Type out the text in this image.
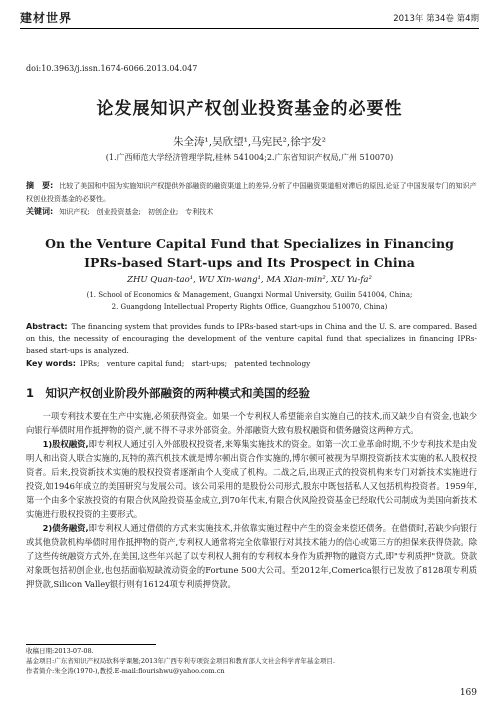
建材世界	2013年 第34卷 第4期
doi:10.3963/j.issn.1674-6066.2013.04.047
论发展知识产权创业投资基金的必要性
朱全涛¹,吴欣望¹,马宪民²,徐宇发²
(1.广西师范大学经济管理学院,桂林 541004;2.广东省知识产权局,广州 510070)
摘　要: 比较了美国和中国为实施知识产权提供外部融资的融资渠道上的差异,分析了中国融资渠道相对滞后的原因,论证了中国发展专门的知识产权创业投资基金的必要性。
关键词: 知识产权;　创业投资基金;　初创企业;　专利技术
On the Venture Capital Fund that Specializes in Financing
IPRs-based Start-ups and Its Prospect in China
ZHU Quan-tao¹, WU Xin-wang¹, MA Xian-min², XU Yu-fa²
(1. School of Economics & Management, Guangxi Normal University, Guilin 541004, China;
2. Guangdong Intellectual Property Rights Office, Guangzhou 510070, China)
Abstract: The financing system that provides funds to IPRs-based start-ups in China and the U. S. are compared. Based on this, the necessity of encouraging the development of the venture capital fund that specializes in financing IPRs-based start-ups is analyzed.
Key words: IPRs;　venture capital fund;　start-ups;　patented technology
1　知识产权创业阶段外部融资的两种模式和美国的经验

一项专利技术要在生产中实施,必须获得资金。如果一个专利权人希望能亲自实施自己的技术,而又缺少自有资金,也缺少向银行举债时用作抵押物的资产,就不得不寻求外部资金。外部融资大致有股权融资和债务融资这两种方式。

1)股权融资,即专利权人通过引入外部股权投资者,来筹集实施技术的资金。如第一次工业革命时期,不少专利技术是由发明人和出资人联合实施的,瓦特的蒸汽机技术就是博尔顿出资合作实施的,博尔顿可被视为早期投资新技术实施的私人股权投资者。后来,投资新技术实施的股权投资者逐渐由个人变成了机构。二战之后,出现正式的投资机构来专门对新技术实施进行投资,如1946年成立的美国研究与发展公司。该公司采用的是股份公司形式,股东中既包括私人又包括机构投资者。1959年,第一个由多个家族投资的有限合伙风险投资基金成立,到70年代末,有限合伙风险投资基金已经取代公司制成为美国向新技术实施进行股权投资的主要形式。

2)债务融资,即专利权人通过借债的方式来实施技术,并依靠实施过程中产生的资金来偿还债务。在借债时,若缺少向银行或其他贷款机构举债时用作抵押物的资产,专利权人通常将完全依靠银行对其技术能力的信心或第三方的担保来获得贷款。除了这些传统融资方式外,在美国,这些年兴起了以专利权人拥有的专利权本身作为质押物的融资方式,即"专利质押"贷款。贷款对象既包括初创企业,也包括面临短缺流动资金的Fortune 500大公司。至2012年,Comerica银行已发放了8128项专利质押贷款,Silicon Valley银行则有16124项专利质押贷款。

收稿日期:2013-07-08.
基金项目:广东省知识产权局软科学课题;2013年广西专利专项资金项目和教育部人文社会科学青年基金项目.
作者简介:朱全涛(1970-),教授.E-mail:flourishwu@yahoo.com.cn
169
